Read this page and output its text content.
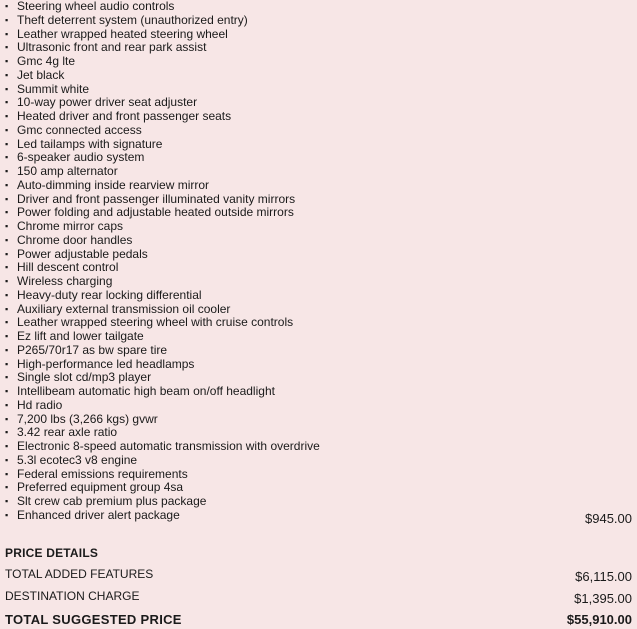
▪ Steering wheel audio controls
▪ Theft deterrent system (unauthorized entry)
▪ Leather wrapped heated steering wheel
▪ Ultrasonic front and rear park assist
▪ Gmc 4g lte
▪ Jet black
▪ Summit white
▪ 10-way power driver seat adjuster
▪ Heated driver and front passenger seats
▪ Gmc connected access
▪ Led tailamps with signature
▪ 6-speaker audio system
▪ 150 amp alternator
▪ Auto-dimming inside rearview mirror
▪ Driver and front passenger illuminated vanity mirrors
▪ Power folding and adjustable heated outside mirrors
▪ Chrome mirror caps
▪ Chrome door handles
▪ Power adjustable pedals
▪ Hill descent control
▪ Wireless charging
▪ Heavy-duty rear locking differential
▪ Auxiliary external transmission oil cooler
▪ Leather wrapped steering wheel with cruise controls
▪ Ez lift and lower tailgate
▪ P265/70r17 as bw spare tire
▪ High-performance led headlamps
▪ Single slot cd/mp3 player
▪ Intellibeam automatic high beam on/off headlight
▪ Hd radio
▪ 7,200 lbs (3,266 kgs) gvwr
▪ 3.42 rear axle ratio
▪ Electronic 8-speed automatic transmission with overdrive
▪ 5.3l ecotec3 v8 engine
▪ Federal emissions requirements
▪ Preferred equipment group 4sa
▪ Slt crew cab premium plus package
▪ Enhanced driver alert package	$945.00
PRICE DETAILS
TOTAL ADDED FEATURES	$6,115.00
DESTINATION CHARGE	$1,395.00
TOTAL SUGGESTED PRICE	$55,910.00
